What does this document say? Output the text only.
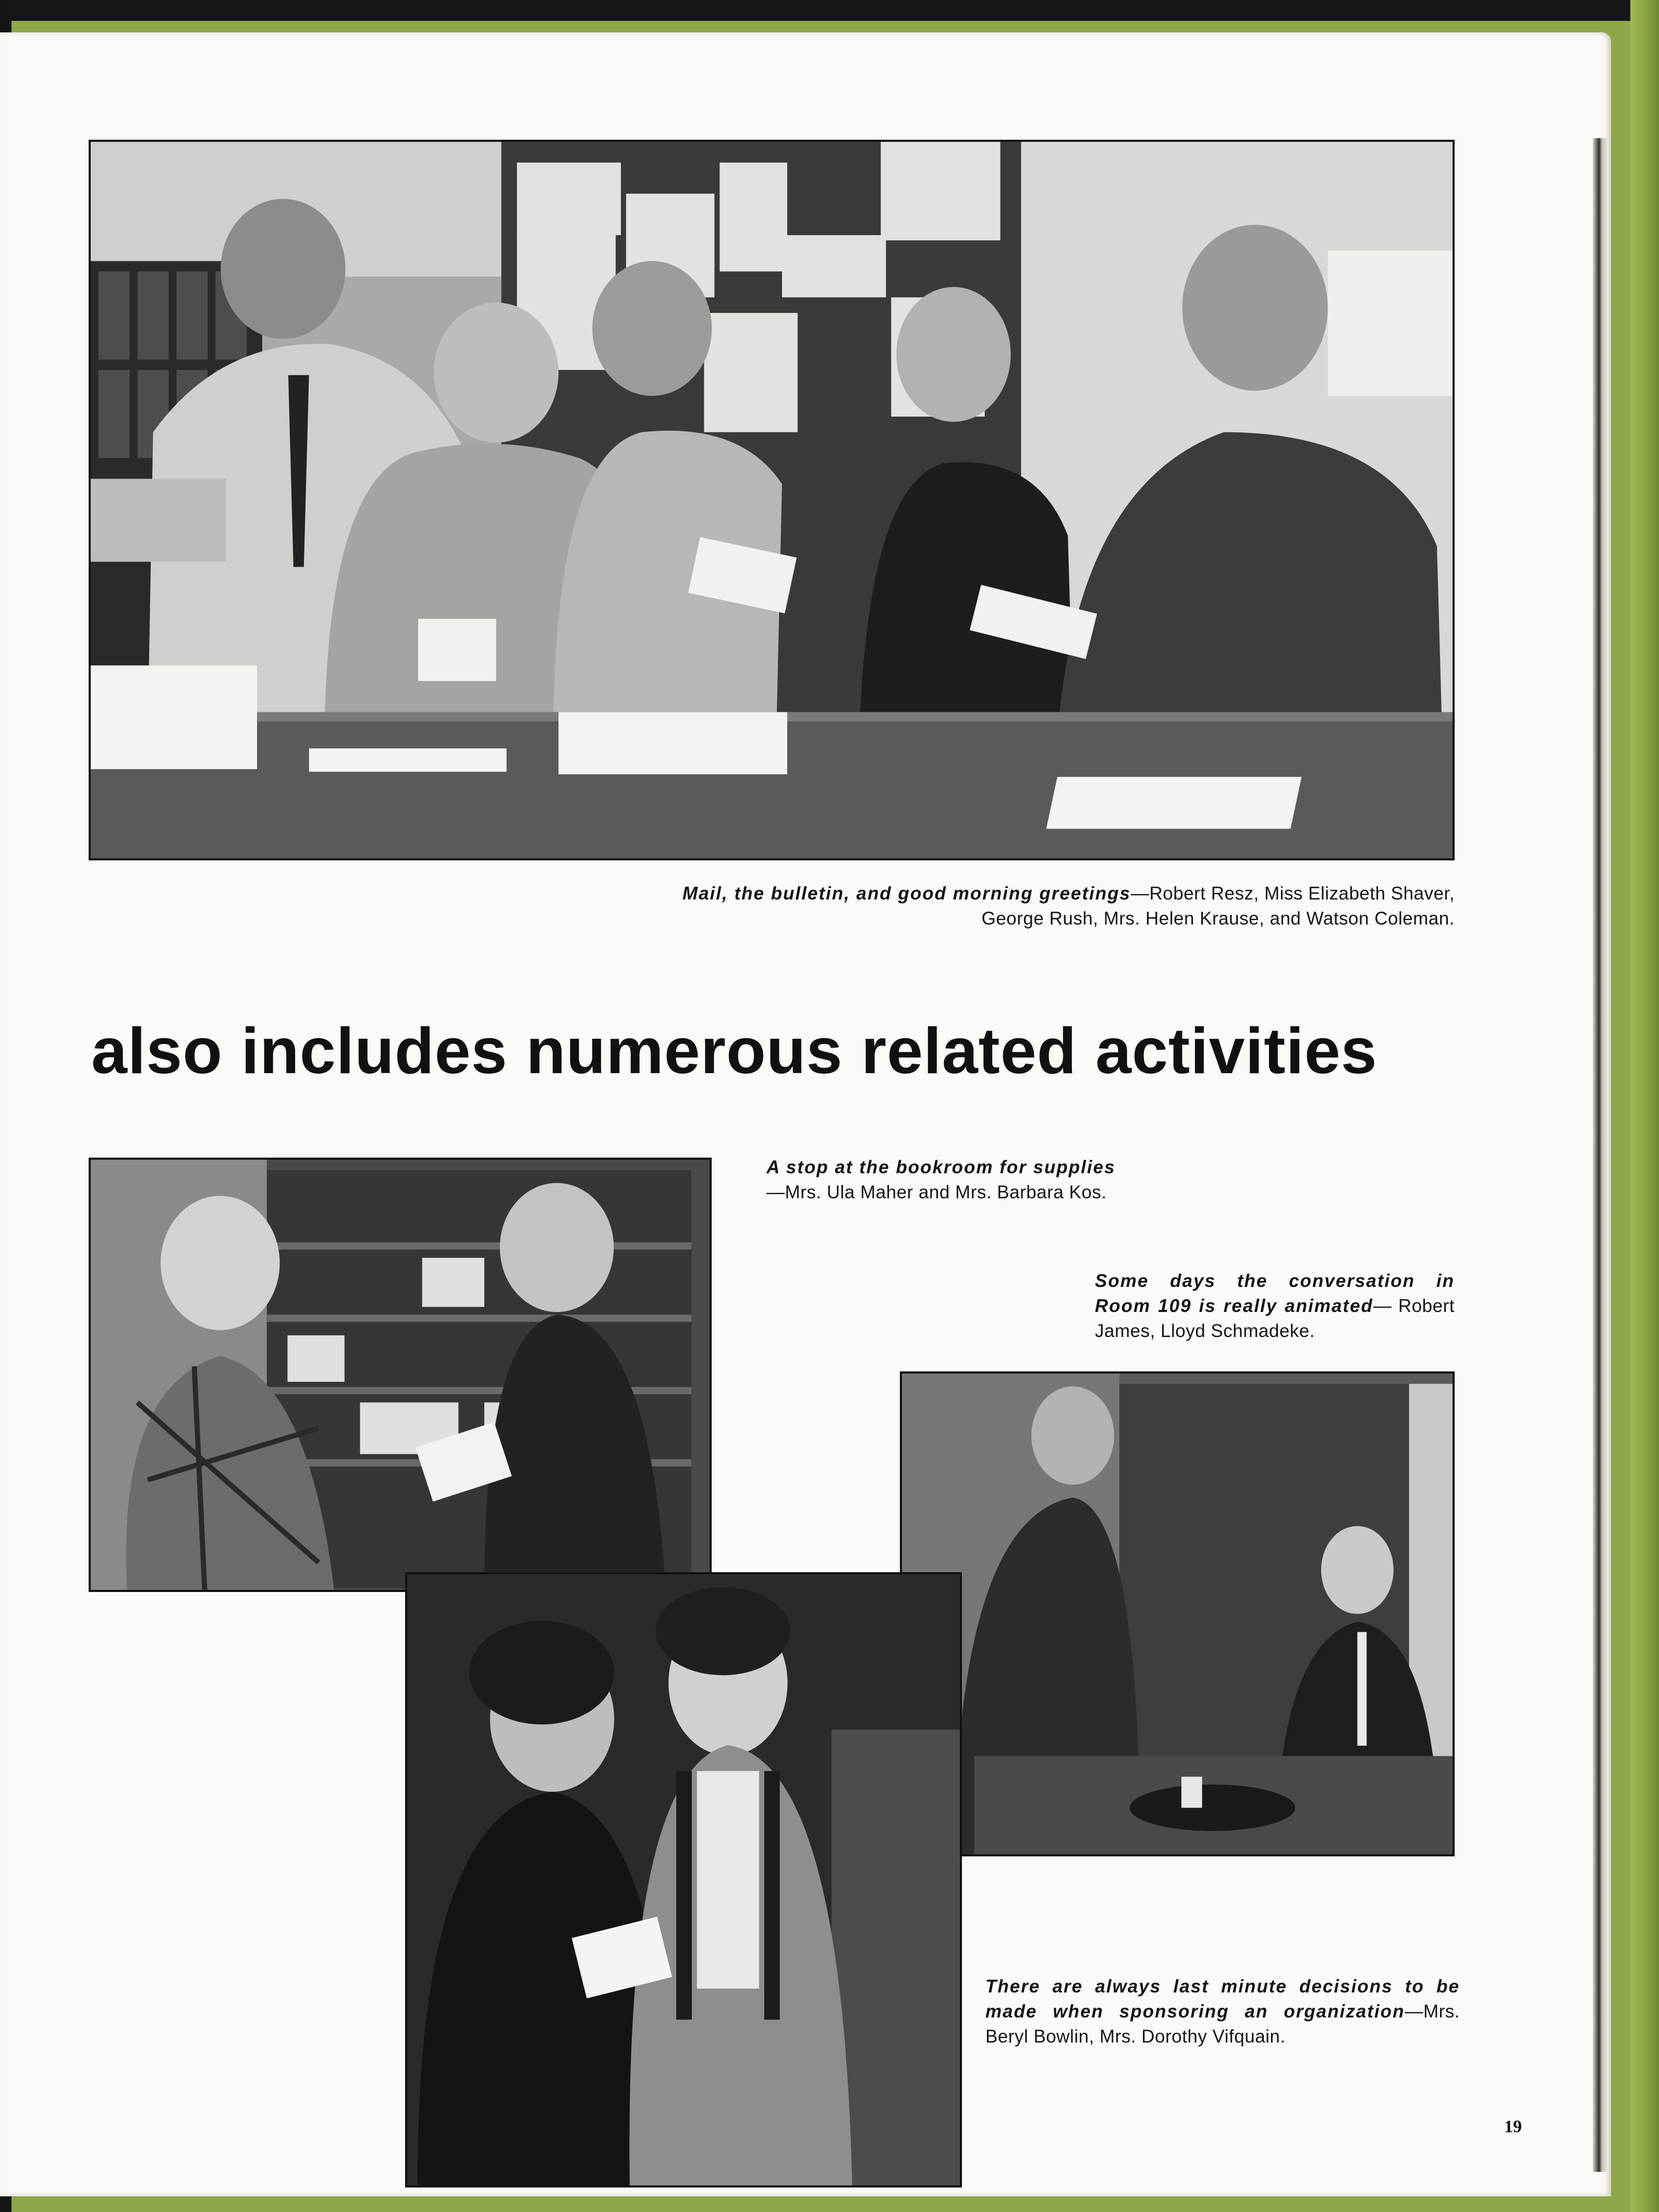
Mail, the bulletin, and good morning greetings—Robert Resz, Miss Elizabeth Shaver, George Rush, Mrs. Helen Krause, and Watson Coleman.
also includes numerous related activities
A stop at the bookroom for supplies
—Mrs. Ula Maher and Mrs. Barbara Kos.
Some days the conversation in Room 109 is really animated— Robert James, Lloyd Schmadeke.
There are always last minute decisions to be made when sponsoring an organization—Mrs. Beryl Bowlin, Mrs. Dorothy Vifquain.
19
